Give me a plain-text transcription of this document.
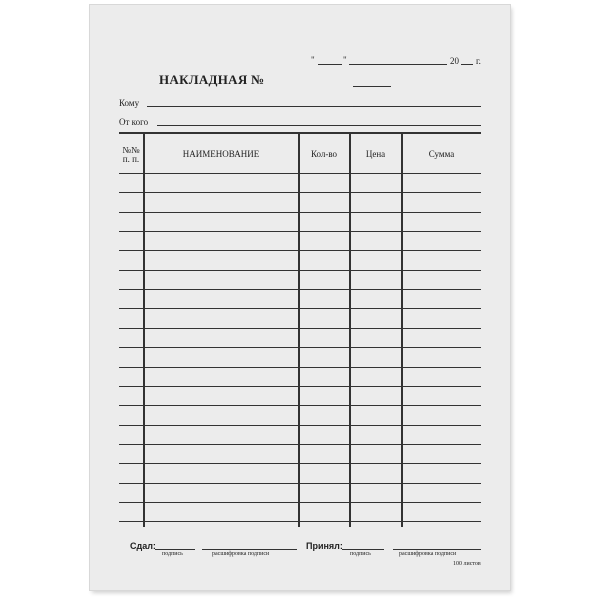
"	"	20 г.
НАКЛАДНАЯ №
Кому
От кого
№№
п. п.	НАИМЕНОВАНИЕ	Кол-во	Цена	Сумма
Сдал:
подпись	расшифровка подписи
Принял:
подпись	расшифровка подписи
100 листов
